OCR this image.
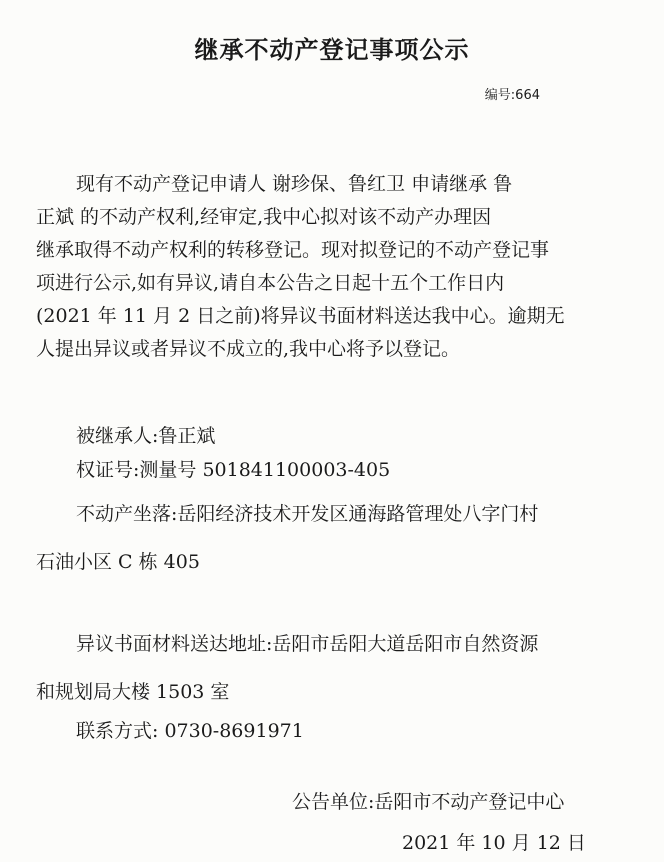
继承不动产登记事项公示
编号:664
现有不动产登记申请人 谢珍保、鲁红卫 申请继承 鲁
正斌 的不动产权利,经审定,我中心拟对该不动产办理因
继承取得不动产权利的转移登记。现对拟登记的不动产登记事
项进行公示,如有异议,请自本公告之日起十五个工作日内
(2021 年 11 月 2 日之前)将异议书面材料送达我中心。逾期无
人提出异议或者异议不成立的,我中心将予以登记。
被继承人:鲁正斌
权证号:测量号 501841100003-405
不动产坐落:岳阳经济技术开发区通海路管理处八字门村
石油小区 C 栋 405
异议书面材料送达地址:岳阳市岳阳大道岳阳市自然资源
和规划局大楼 1503 室
联系方式: 0730-8691971
公告单位:岳阳市不动产登记中心
2021 年 10 月 12 日
